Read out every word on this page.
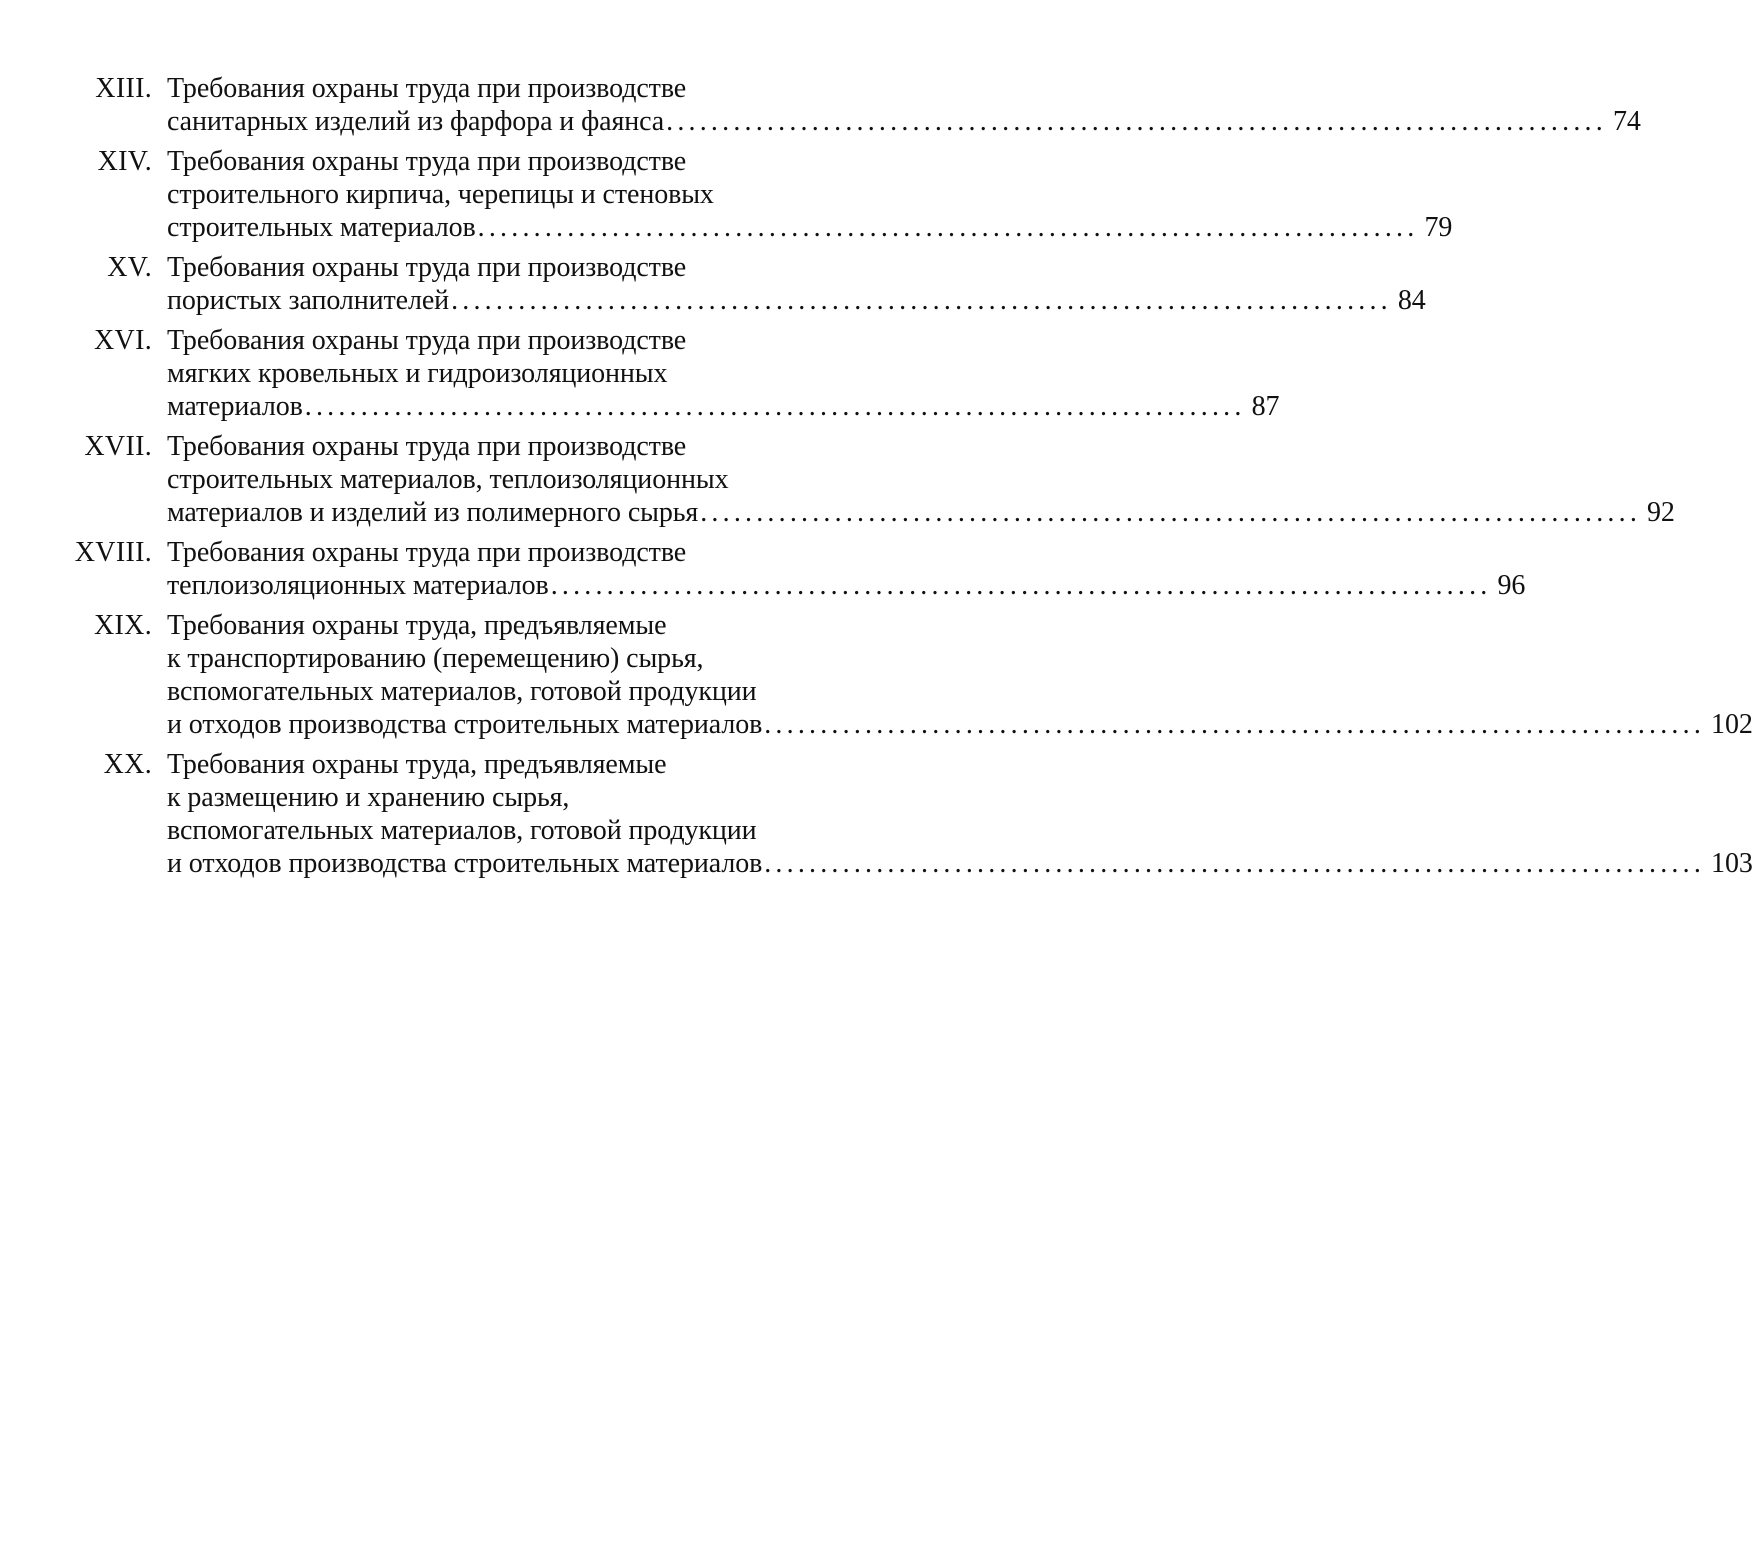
XIII. Требования охраны труда при производстве
санитарных изделий из фарфора и фаянса .................................................................................... 74
XIV. Требования охраны труда при производстве
строительного кирпича, черепицы и стеновых
строительных материалов .................................................................................... 79
XV. Требования охраны труда при производстве
пористых заполнителей .................................................................................... 84
XVI. Требования охраны труда при производстве
мягких кровельных и гидроизоляционных
материалов .................................................................................... 87
XVII. Требования охраны труда при производстве
строительных материалов, теплоизоляционных
материалов и изделий из полимерного сырья .................................................................................... 92
XVIII. Требования охраны труда при производстве
теплоизоляционных материалов .................................................................................... 96
XIX. Требования охраны труда, предъявляемые
к транспортированию (перемещению) сырья,
вспомогательных материалов, готовой продукции
и отходов производства строительных материалов .................................................................................... 102
XX. Требования охраны труда, предъявляемые
к размещению и хранению сырья,
вспомогательных материалов, готовой продукции
и отходов производства строительных материалов .................................................................................... 103
